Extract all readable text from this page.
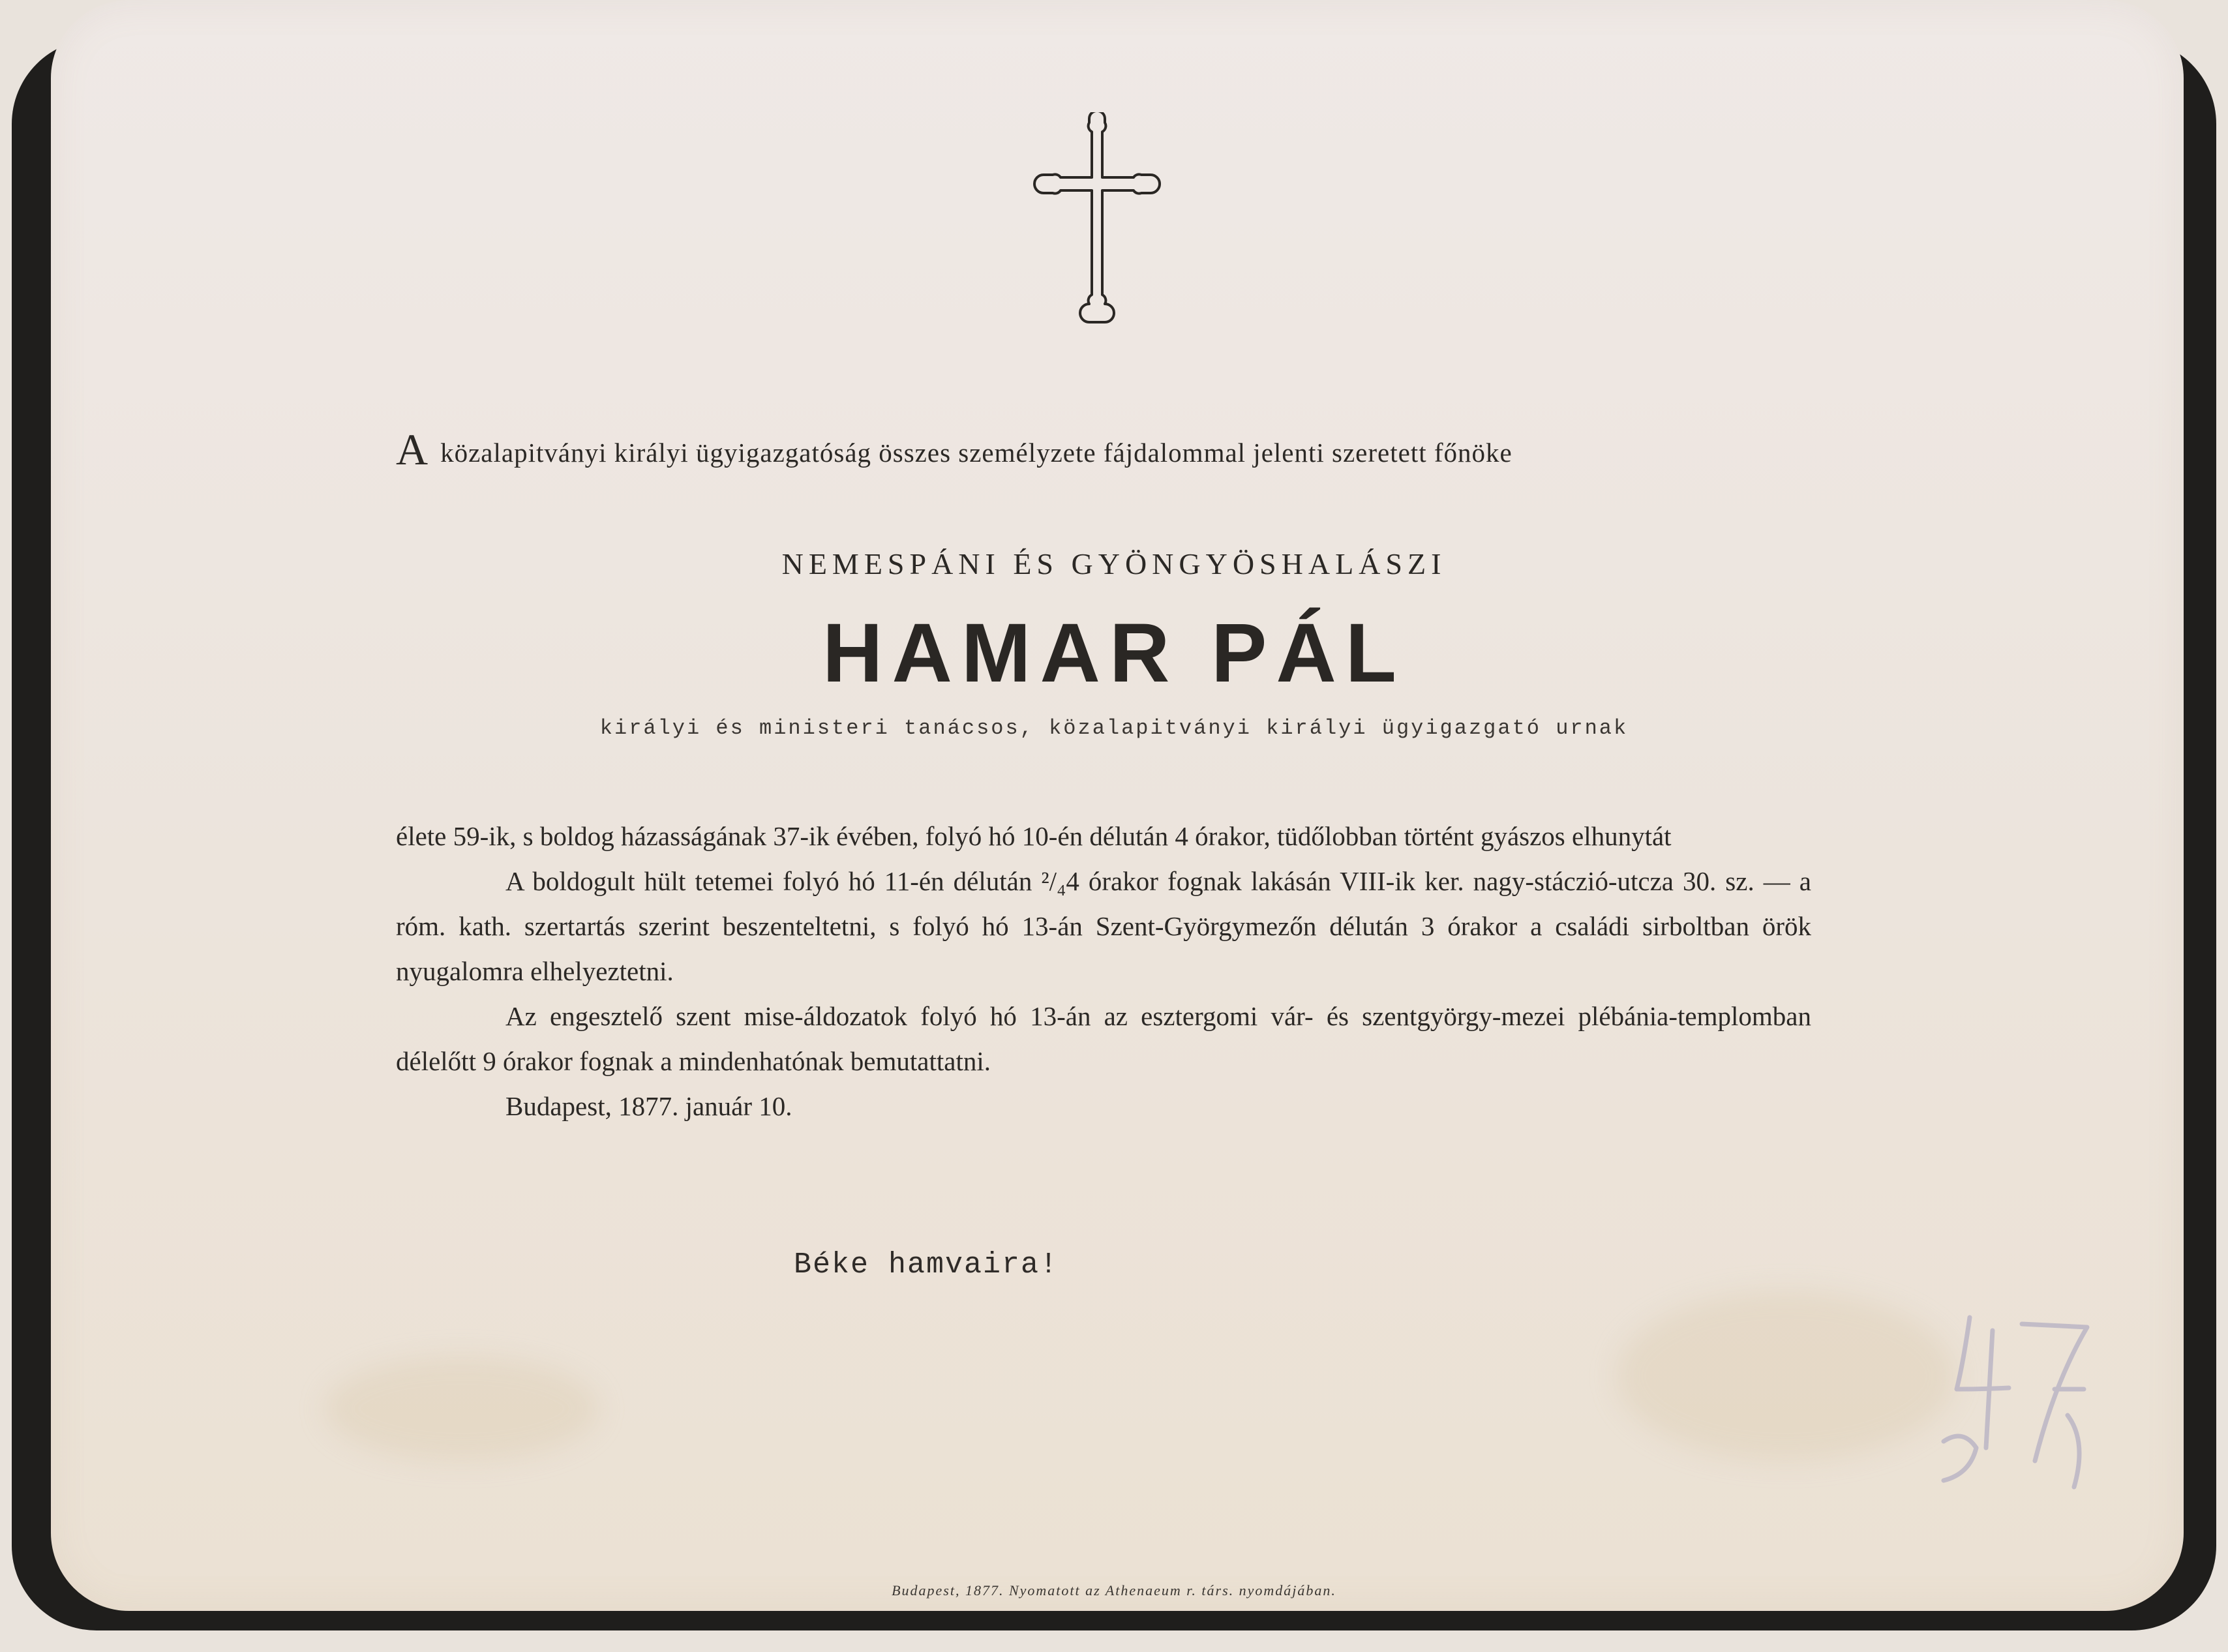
Aközalapitványi királyi ügyigazgatóság összes személyzete fájdalommal jelenti szeretett főnöke
NEMESPÁNI ÉS GYÖNGYÖSHALÁSZI
HAMAR PÁL
királyi és ministeri tanácsos, közalapitványi királyi ügyigazgató urnak

élete 59-ik, s boldog házasságának 37-ik évében, folyó hó 10-én délután 4 órakor, tüdőlobban történt gyászos elhunytát

A boldogult hült tetemei folyó hó 11-én délután ²/₄4 órakor fognak lakásán VIII-ik ker. nagy-stáczió-utcza 30. sz. — a róm. kath. szertartás szerint beszenteltetni, s folyó hó 13-án Szent-Györgymezőn délután 3 órakor a családi sirboltban örök nyugalomra elhelyeztetni.

Az engesztelő szent mise-áldozatok folyó hó 13-án az esztergomi vár- és szentgyörgy-mezei plébánia-templomban délelőtt 9 órakor fognak a mindenhatónak bemutattatni.

Budapest, 1877. január 10.

Béke hamvaira!
Budapest, 1877. Nyomatott az Athenaeum r. társ. nyomdájában.
